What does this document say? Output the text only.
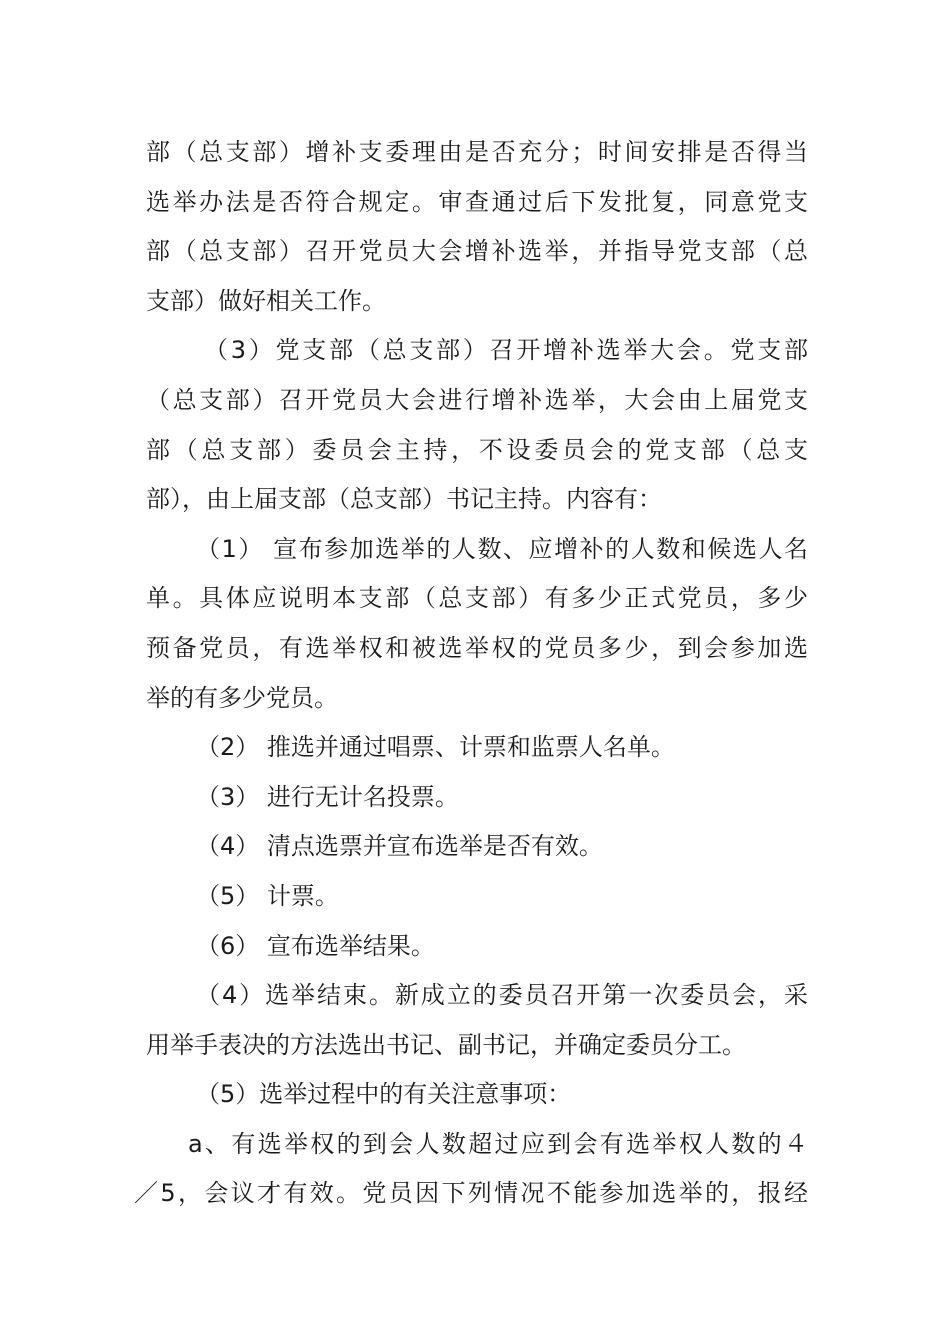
部（总支部）增补支委理由是否充分；时间安排是否得当
选举办法是否符合规定。审查通过后下发批复，同意党支
部（总支部）召开党员大会增补选举，并指导党支部（总
支部）做好相关工作。
（3）党支部（总支部）召开增补选举大会。党支部
（总支部）召开党员大会进行增补选举，大会由上届党支
部（总支部）委员会主持，不设委员会的党支部（总支
部），由上届支部（总支部）书记主持。内容有：
（1） 宣布参加选举的人数、应增补的人数和候选人名
单。具体应说明本支部（总支部）有多少正式党员，多少
预备党员，有选举权和被选举权的党员多少，到会参加选
举的有多少党员。
（2） 推选并通过唱票、计票和监票人名单。
（3） 进行无计名投票。
（4） 清点选票并宣布选举是否有效。
（5） 计票。
（6） 宣布选举结果。
（4）选举结束。新成立的委员召开第一次委员会，采
用举手表决的方法选出书记、副书记，并确定委员分工。
（5）选举过程中的有关注意事项：
a、有选举权的到会人数超过应到会有选举权人数的４
／5，会议才有效。党员因下列情况不能参加选举的，报经
